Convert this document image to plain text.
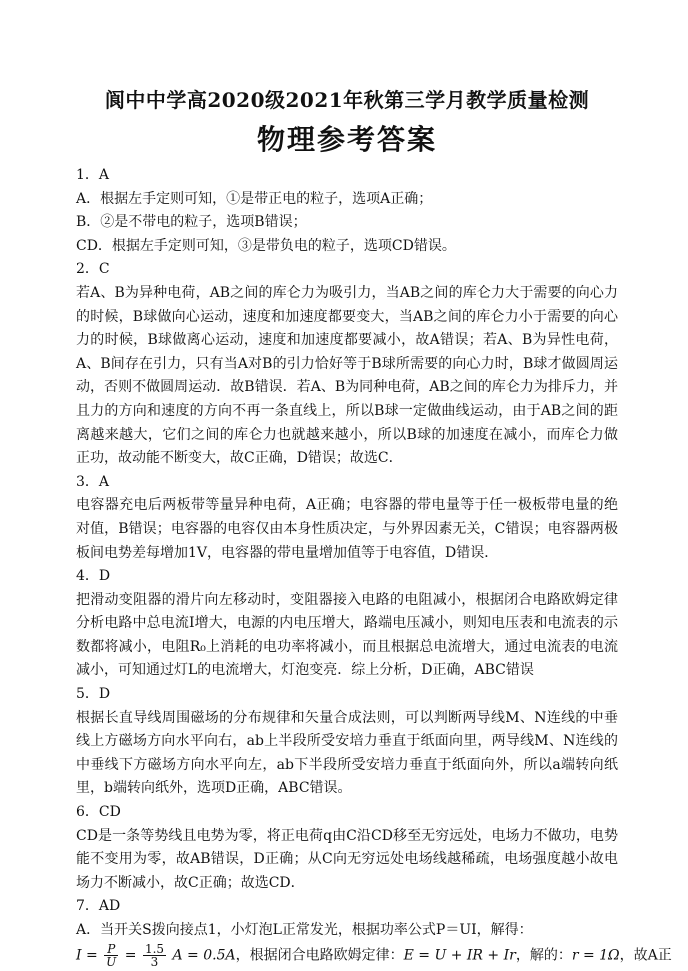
阆中中学高2020级2021年秋第三学月教学质量检测
物理参考答案
1．A
A．根据左手定则可知，①是带正电的粒子，选项A正确；
B．②是不带电的粒子，选项B错误；
CD．根据左手定则可知，③是带负电的粒子，选项CD错误。
2．C
若A、B为异种电荷，AB之间的库仑力为吸引力，当AB之间的库仑力大于需要的向心力的时候，B球做向心运动，速度和加速度都要变大，当AB之间的库仑力小于需要的向心力的时候，B球做离心运动，速度和加速度都要减小，故A错误；若A、B为异性电荷，A、B间存在引力，只有当A对B的引力恰好等于B球所需要的向心力时，B球才做圆周运动，否则不做圆周运动．故B错误．若A、B为同种电荷，AB之间的库仑力为排斥力，并且力的方向和速度的方向不再一条直线上，所以B球一定做曲线运动，由于AB之间的距离越来越大，它们之间的库仑力也就越来越小，所以B球的加速度在减小，而库仑力做正功，故动能不断变大，故C正确，D错误；故选C．
3．A
电容器充电后两板带等量异种电荷，A正确；电容器的带电量等于任一极板带电量的绝对值，B错误；电容器的电容仅由本身性质决定，与外界因素无关，C错误；电容器两极板间电势差每增加1V，电容器的带电量增加值等于电容值，D错误．
4．D
把滑动变阻器的滑片向左移动时，变阻器接入电路的电阻减小，根据闭合电路欧姆定律分析电路中总电流I增大，电源的内电压增大，路端电压减小，则知电压表和电流表的示数都将减小，电阻R₀上消耗的电功率将减小，而且根据总电流增大，通过电流表的电流减小，可知通过灯L的电流增大，灯泡变亮．综上分析，D正确，ABC错误
5．D
根据长直导线周围磁场的分布规律和矢量合成法则，可以判断两导线M、N连线的中垂线上方磁场方向水平向右，ab上半段所受安培力垂直于纸面向里，两导线M、N连线的中垂线下方磁场方向水平向左，ab下半段所受安培力垂直于纸面向外，所以a端转向纸里，b端转向纸外，选项D正确，ABC错误。
6．CD
CD是一条等势线且电势为零，将正电荷q由C沿CD移至无穷远处，电场力不做功，电势能不变用为零，故AB错误，D正确；从C向无穷远处电场线越稀疏，电场强度越小故电场力不断减小，故C正确；故选CD．
7．AD
A．当开关S拨向接点1，小灯泡L正常发光，根据功率公式P＝UI，解得：
$I = \frac{P}{U} = \frac{1.5}{3}$ A = 0.5A，根据闭合电路欧姆定律：E = U + IR + Ir，解的：r = 1Ω，故A正
